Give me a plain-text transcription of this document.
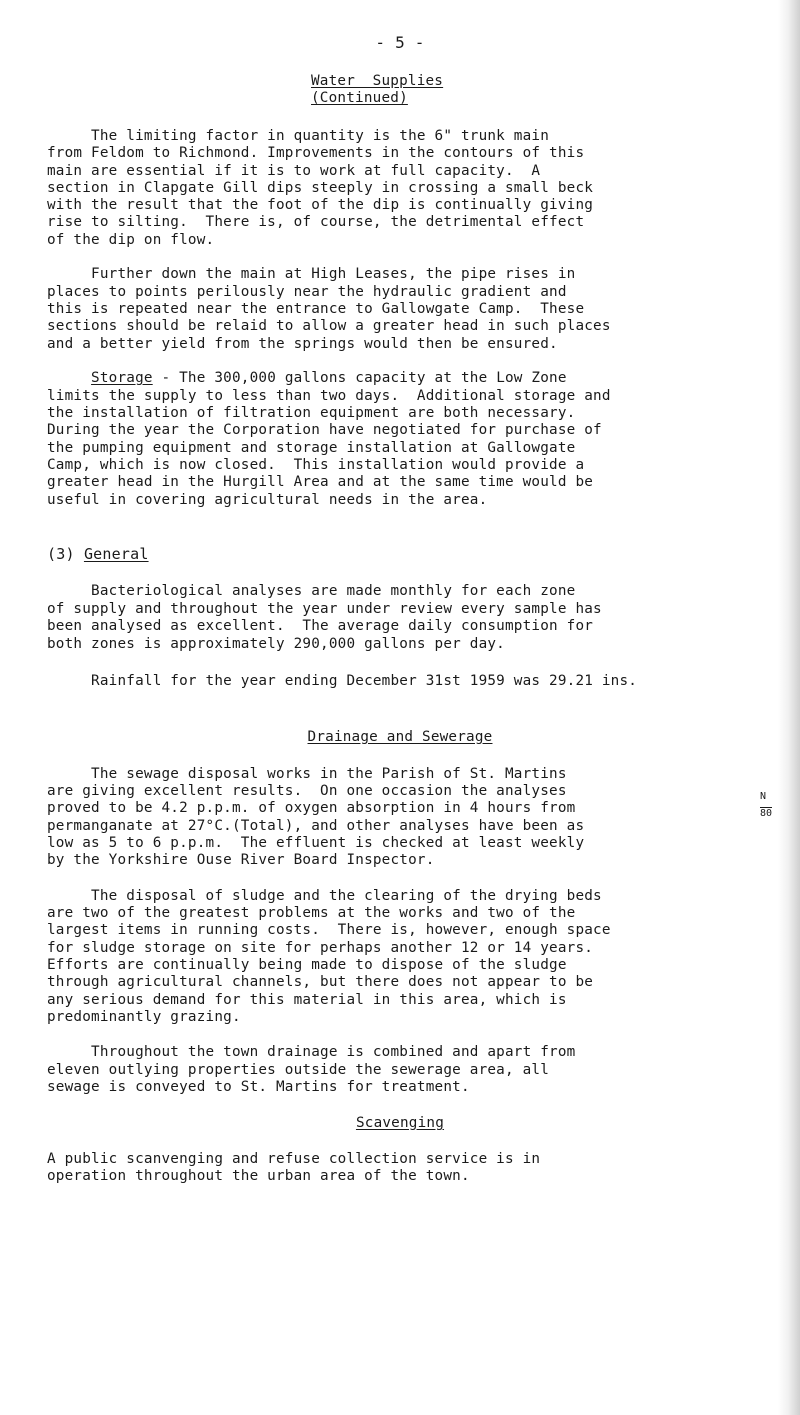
- 5 -
Water  Supplies
(Continued)
The limiting factor in quantity is the 6" trunk main
from Feldom to Richmond. Improvements in the contours of this
main are essential if it is to work at full capacity.  A
section in Clapgate Gill dips steeply in crossing a small beck
with the result that the foot of the dip is continually giving
rise to silting.  There is, of course, the detrimental effect
of the dip on flow.
Further down the main at High Leases, the pipe rises in
places to points perilously near the hydraulic gradient and
this is repeated near the entrance to Gallowgate Camp.  These
sections should be relaid to allow a greater head in such places
and a better yield from the springs would then be ensured.
Storage - The 300,000 gallons capacity at the Low Zone
limits the supply to less than two days.  Additional storage and
the installation of filtration equipment are both necessary.
During the year the Corporation have negotiated for purchase of
the pumping equipment and storage installation at Gallowgate
Camp, which is now closed.  This installation would provide a
greater head in the Hurgill Area and at the same time would be
useful in covering agricultural needs in the area.
(3) General
Bacteriological analyses are made monthly for each zone
of supply and throughout the year under review every sample has
been analysed as excellent.  The average daily consumption for
both zones is approximately 290,000 gallons per day.
Rainfall for the year ending December 31st 1959 was 29.21 ins.
Drainage and Sewerage
The sewage disposal works in the Parish of St. Martins
are giving excellent results.  On one occasion the analyses
proved to be 4.2 p.p.m. of oxygen absorption in 4 hours from
permanganate at 27°C.(Total), and other analyses have been as
low as 5 to 6 p.p.m.  The effluent is checked at least weekly
by the Yorkshire Ouse River Board Inspector.
N
80
The disposal of sludge and the clearing of the drying beds
are two of the greatest problems at the works and two of the
largest items in running costs.  There is, however, enough space
for sludge storage on site for perhaps another 12 or 14 years.
Efforts are continually being made to dispose of the sludge
through agricultural channels, but there does not appear to be
any serious demand for this material in this area, which is
predominantly grazing.
Throughout the town drainage is combined and apart from
eleven outlying properties outside the sewerage area, all
sewage is conveyed to St. Martins for treatment.
Scavenging
A public scanvenging and refuse collection service is in
operation throughout the urban area of the town.
